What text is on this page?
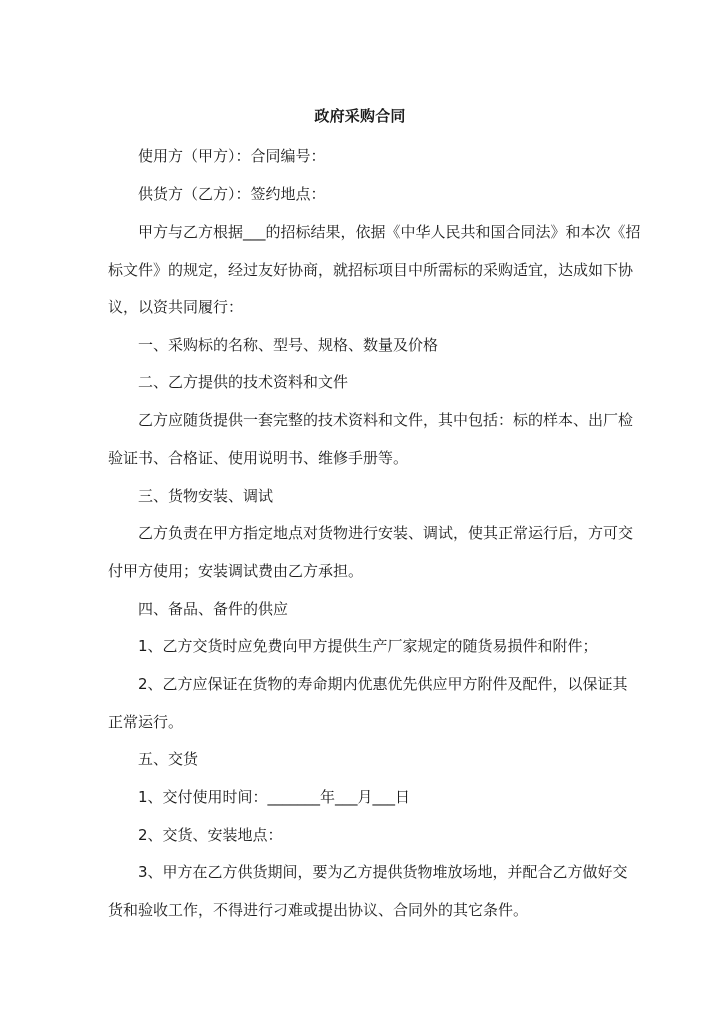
政府采购合同
使用方（甲方）：合同编号：
供货方（乙方）：签约地点：
甲方与乙方根据___的招标结果，依据《中华人民共和国合同法》和本次《招
标文件》的规定，经过友好协商，就招标项目中所需标的采购适宜，达成如下协
议，以资共同履行：
一、采购标的名称、型号、规格、数量及价格
二、乙方提供的技术资料和文件
乙方应随货提供一套完整的技术资料和文件，其中包括：标的样本、出厂检
验证书、合格证、使用说明书、维修手册等。
三、货物安装、调试
乙方负责在甲方指定地点对货物进行安装、调试，使其正常运行后，方可交
付甲方使用；安装调试费由乙方承担。
四、备品、备件的供应
1、乙方交货时应免费向甲方提供生产厂家规定的随货易损件和附件；
2、乙方应保证在货物的寿命期内优惠优先供应甲方附件及配件，以保证其
正常运行。
五、交货
1、交付使用时间：_______年___月___日
2、交货、安装地点：
3、甲方在乙方供货期间，要为乙方提供货物堆放场地，并配合乙方做好交
货和验收工作，不得进行刁难或提出协议、合同外的其它条件。
